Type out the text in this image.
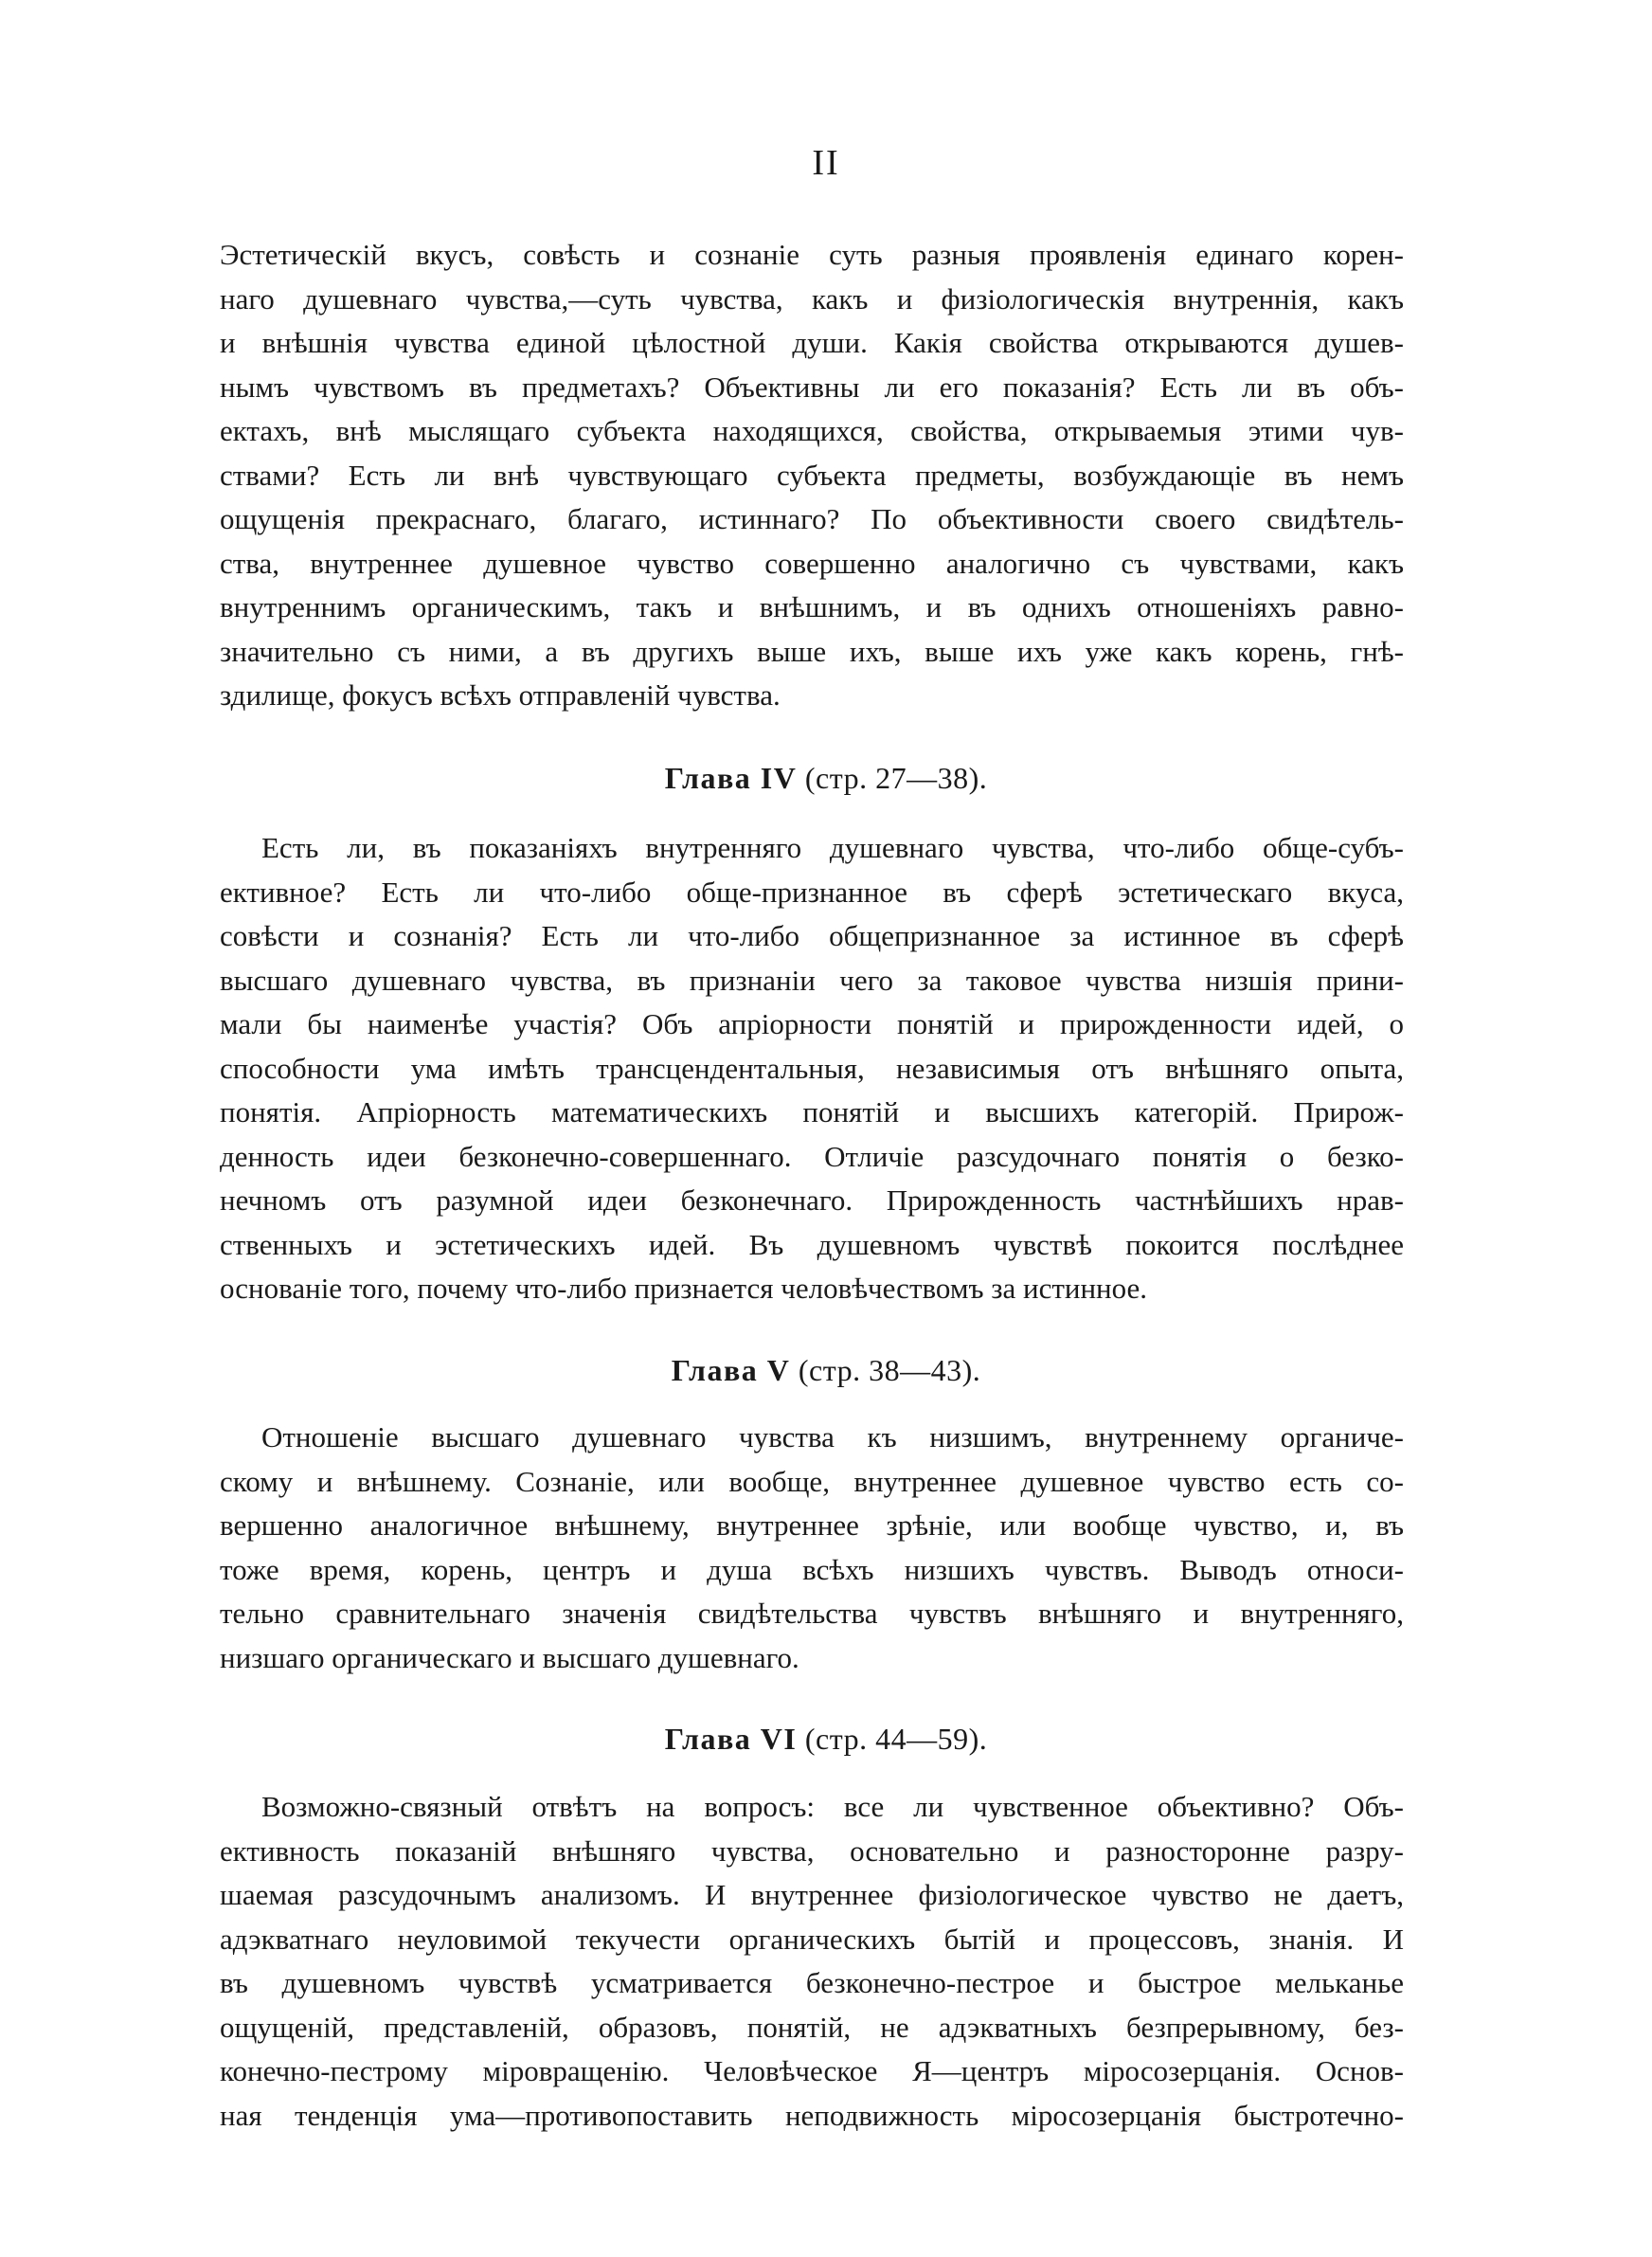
II
Эстетическій вкусъ, совѣсть и сознаніе суть разныя проявленія единаго корен-
наго душевнаго чувства,—суть чувства, какъ и физіологическія внутреннія, какъ
и внѣшнія чувства единой цѣлостной души. Какія свойства открываются душев-
нымъ чувствомъ въ предметахъ? Объективны ли его показанія? Есть ли въ объ-
ектахъ, внѣ мыслящаго субъекта находящихся, свойства, открываемыя этими чув-
ствами? Есть ли внѣ чувствующаго субъекта предметы, возбуждающіе въ немъ
ощущенія прекраснаго, благаго, истиннаго? По объективности своего свидѣтель-
ства, внутреннее душевное чувство совершенно аналогично съ чувствами, какъ
внутреннимъ органическимъ, такъ и внѣшнимъ, и въ однихъ отношеніяхъ равно-
значительно съ ними, а въ другихъ выше ихъ, выше ихъ уже какъ корень, гнѣ-
здилище, фокусъ всѣхъ отправленій чувства.
Глава IV (стр. 27—38).
Есть ли, въ показаніяхъ внутренняго душевнаго чувства, что-либо обще-субъ-
ективное? Есть ли что-либо обще-признанное въ сферѣ эстетическаго вкуса,
совѣсти и сознанія? Есть ли что-либо общепризнанное за истинное въ сферѣ
высшаго душевнаго чувства, въ признаніи чего за таковое чувства низшія прини-
мали бы наименѣе участія? Объ апріорности понятій и прирожденности идей, о
способности ума имѣть трансцендентальныя, независимыя отъ внѣшняго опыта,
понятія. Апріорность математическихъ понятій и высшихъ категорій. Прирож-
денность идеи безконечно-совершеннаго. Отличіе разсудочнаго понятія о безко-
нечномъ отъ разумной идеи безконечнаго. Прирожденность частнѣйшихъ нрав-
ственныхъ и эстетическихъ идей. Въ душевномъ чувствѣ покоится послѣднее
основаніе того, почему что-либо признается человѣчествомъ за истинное.
Глава V (стр. 38—43).
Отношеніе высшаго душевнаго чувства къ низшимъ, внутреннему органиче-
скому и внѣшнему. Сознаніе, или вообще, внутреннее душевное чувство есть со-
вершенно аналогичное внѣшнему, внутреннее зрѣніе, или вообще чувство, и, въ
тоже время, корень, центръ и душа всѣхъ низшихъ чувствъ. Выводъ относи-
тельно сравнительнаго значенія свидѣтельства чувствъ внѣшняго и внутренняго,
низшаго органическаго и высшаго душевнаго.
Глава VI (стр. 44—59).
Возможно-связный отвѣтъ на вопросъ: все ли чувственное объективно? Объ-
ективность показаній внѣшняго чувства, основательно и разносторонне разру-
шаемая разсудочнымъ анализомъ. И внутреннее физіологическое чувство не даетъ,
адэкватнаго неуловимой текучести органическихъ бытій и процессовъ, знанія. И
въ душевномъ чувствѣ усматривается безконечно-пестрое и быстрое мельканье
ощущеній, представленій, образовъ, понятій, не адэкватныхъ безпрерывному, без-
конечно-пестрому міровращенію. Человѣческое Я—центръ міросозерцанія. Основ-
ная тенденція ума—противопоставить неподвижность міросозерцанія быстротечно-
